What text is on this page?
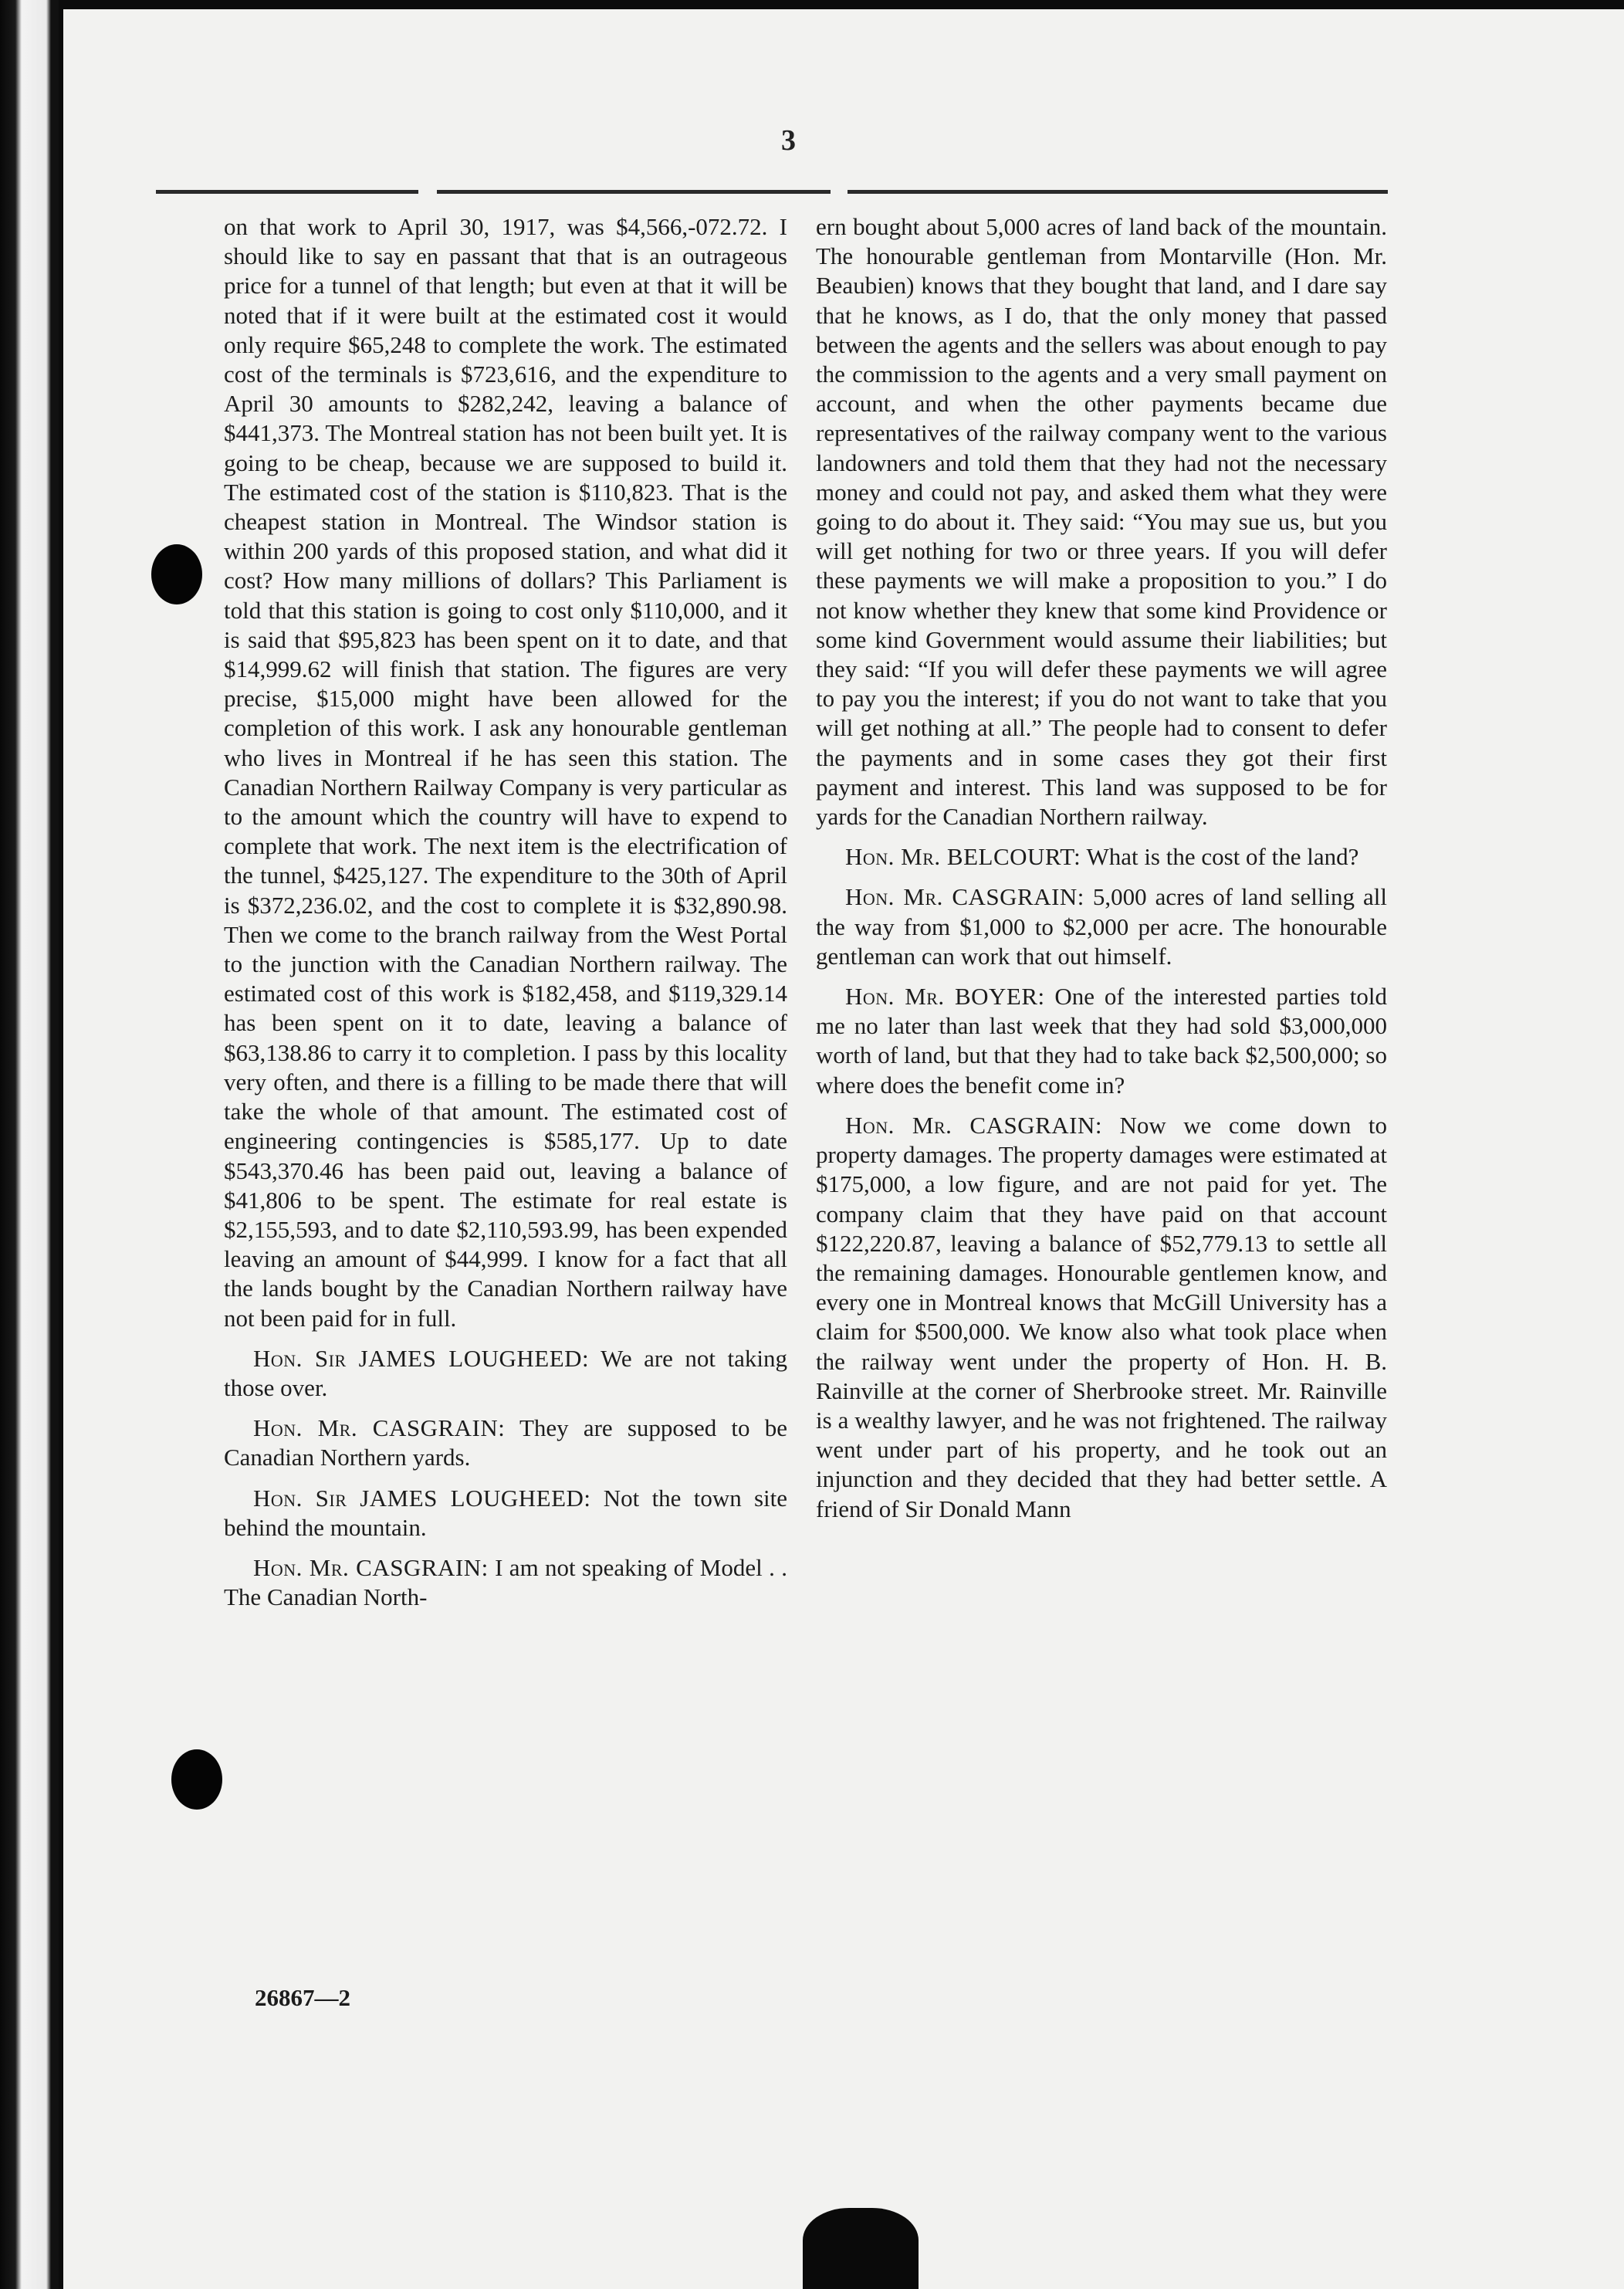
3

on that work to April 30, 1917, was $4,566,-072.72. I should like to say en passant that that is an outrageous price for a tunnel of that length; but even at that it will be noted that if it were built at the estimated cost it would only require $65,248 to complete the work. The estimated cost of the terminals is $723,616, and the expenditure to April 30 amounts to $282,242, leaving a balance of $441,373. The Montreal station has not been built yet. It is going to be cheap, because we are supposed to build it. The estimated cost of the station is $110,823. That is the cheapest station in Montreal. The Windsor station is within 200 yards of this proposed station, and what did it cost? How many millions of dollars? This Parliament is told that this station is going to cost only $110,000, and it is said that $95,823 has been spent on it to date, and that $14,999.62 will finish that station. The figures are very precise, $15,000 might have been allowed for the completion of this work. I ask any honourable gentleman who lives in Montreal if he has seen this station. The Canadian Northern Railway Company is very particular as to the amount which the country will have to expend to complete that work. The next item is the electrification of the tunnel, $425,127. The expenditure to the 30th of April is $372,236.02, and the cost to complete it is $32,890.98. Then we come to the branch railway from the West Portal to the junction with the Canadian Northern railway. The estimated cost of this work is $182,458, and $119,329.14 has been spent on it to date, leaving a balance of $63,138.86 to carry it to completion. I pass by this locality very often, and there is a filling to be made there that will take the whole of that amount. The estimated cost of engineering contingencies is $585,177. Up to date $543,370.46 has been paid out, leaving a balance of $41,806 to be spent. The estimate for real estate is $2,155,593, and to date $2,110,593.99, has been expended leaving an amount of $44,999. I know for a fact that all the lands bought by the Canadian Northern railway have not been paid for in full.

Hon. Sir JAMES LOUGHEED: We are not taking those over.

Hon. Mr. CASGRAIN: They are supposed to be Canadian Northern yards.

Hon. Sir JAMES LOUGHEED: Not the town site behind the mountain.

Hon. Mr. CASGRAIN: I am not speaking of Model . . The Canadian North-

26867—2

ern bought about 5,000 acres of land back of the mountain. The honourable gentleman from Montarville (Hon. Mr. Beaubien) knows that they bought that land, and I dare say that he knows, as I do, that the only money that passed between the agents and the sellers was about enough to pay the commission to the agents and a very small payment on account, and when the other payments became due representatives of the railway company went to the various landowners and told them that they had not the necessary money and could not pay, and asked them what they were going to do about it. They said: “You may sue us, but you will get nothing for two or three years. If you will defer these payments we will make a proposition to you.” I do not know whether they knew that some kind Providence or some kind Government would assume their liabilities; but they said: “If you will defer these payments we will agree to pay you the interest; if you do not want to take that you will get nothing at all.” The people had to consent to defer the payments and in some cases they got their first payment and interest. This land was supposed to be for yards for the Canadian Northern railway.

Hon. Mr. BELCOURT: What is the cost of the land?

Hon. Mr. CASGRAIN: 5,000 acres of land selling all the way from $1,000 to $2,000 per acre. The honourable gentleman can work that out himself.

Hon. Mr. BOYER: One of the interested parties told me no later than last week that they had sold $3,000,000 worth of land, but that they had to take back $2,500,000; so where does the benefit come in?

Hon. Mr. CASGRAIN: Now we come down to property damages. The property damages were estimated at $175,000, a low figure, and are not paid for yet. The company claim that they have paid on that account $122,220.87, leaving a balance of $52,779.13 to settle all the remaining damages. Honourable gentlemen know, and every one in Montreal knows that McGill University has a claim for $500,000. We know also what took place when the railway went under the property of Hon. H. B. Rainville at the corner of Sherbrooke street. Mr. Rainville is a wealthy lawyer, and he was not frightened. The railway went under part of his property, and he took out an injunction and they decided that they had better settle. A friend of Sir Donald Mann
